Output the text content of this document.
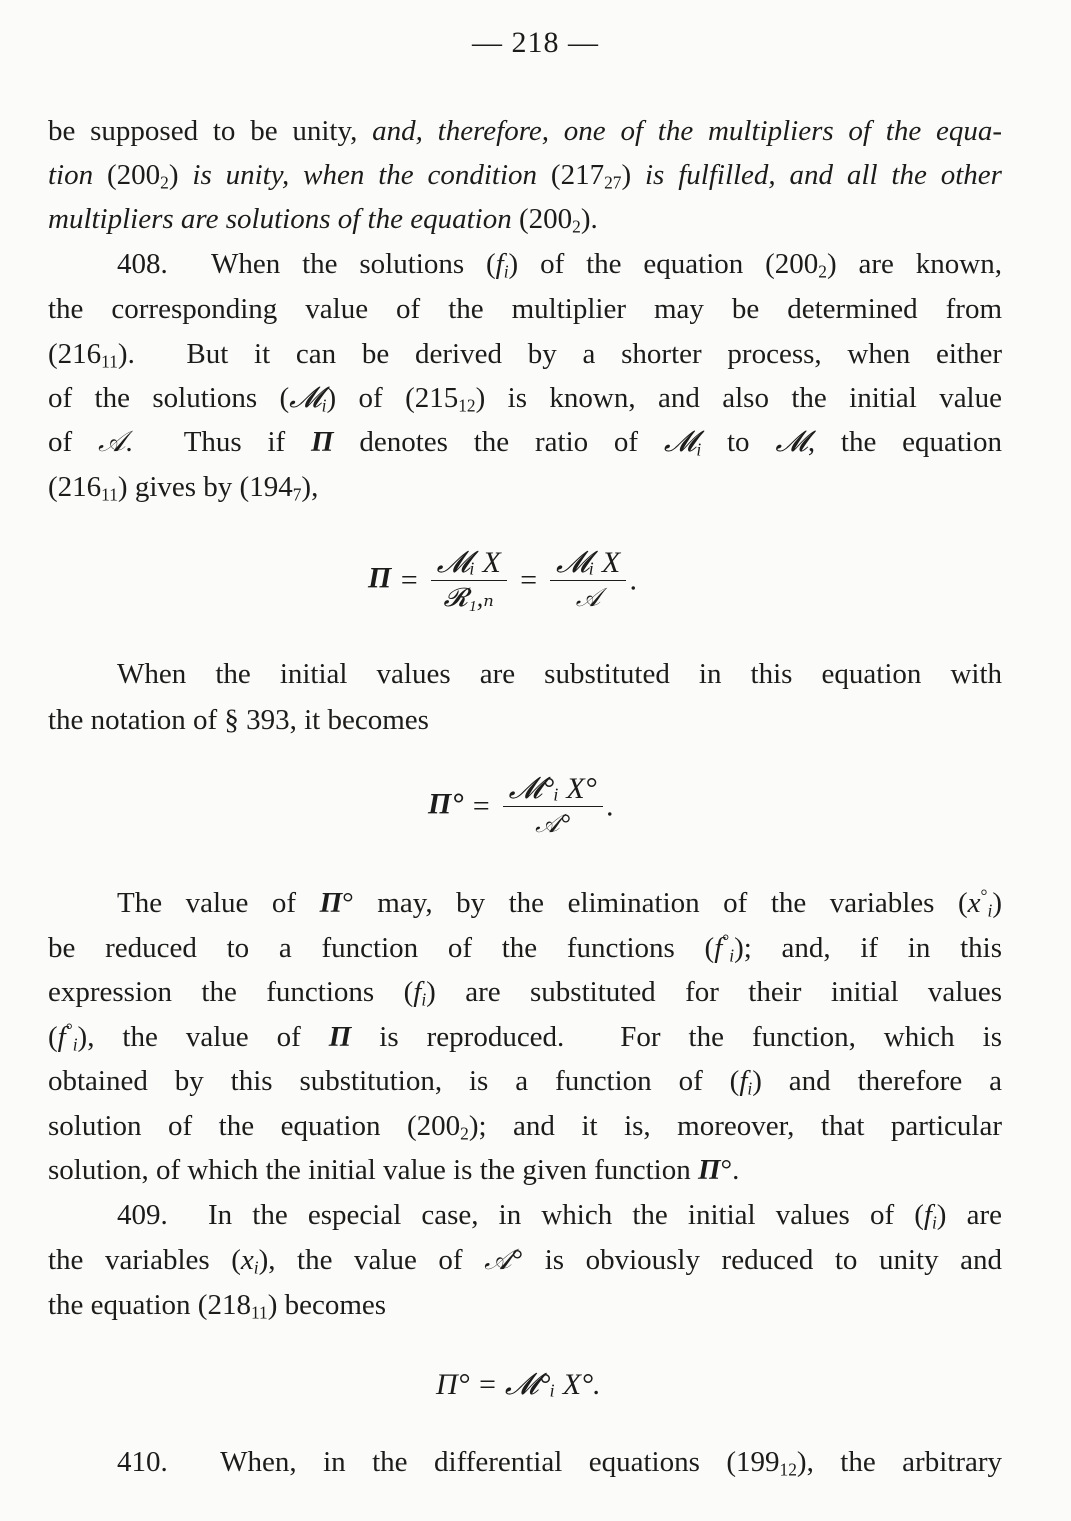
— 218 —
be supposed to be unity, and, therefore, one of the multipliers of the equa-
tion $(200_2)$ is unity, when the condition $(217_{27})$ is fulfilled, and all the other
multipliers are solutions of the equation $(200_2)$.
408.  When the solutions $(f_i)$ of the equation $(200_2)$ are known,
the corresponding value of the multiplier may be determined from
$(216_{11})$.  But it can be derived by a shorter process, when either
of the solutions (𝓜$_i$) of $(215_{12})$ is known, and also the initial value
of 𝒜.  Thus if Π denotes the ratio of 𝓜$_i$ to 𝓜, the equation
$(216_{11})$ gives by $(194_7)$,
When the initial values are substituted in this equation with
the notation of § 393, it becomes
The value of Π° may, by the elimination of the variables $(x^\circ_i)$
be reduced to a function of the functions $(f^\circ_i)$; and, if in this
expression the functions $(f_i)$ are substituted for their initial values
$(f^\circ_i)$, the value of Π is reproduced.  For the function, which is
obtained by this substitution, is a function of $(f_i)$ and therefore a
solution of the equation $(200_2)$; and it is, moreover, that particular
solution, of which the initial value is the given function Π°.
409.  In the especial case, in which the initial values of $(f_i)$ are
the variables $(x_i)$, the value of 𝒜° is obviously reduced to unity and
the equation $(218_{11})$ becomes
410.  When, in the differential equations $(199_{12})$, the arbitrary
$\Pi = \frac{\text{𝓜ᵢ X}}{\text{𝓡₁,ₙ}} = \frac{\text{𝓜ᵢ X}}{\text{𝒜}}$ .
$\Pi^\circ = \frac{\text{𝓜°ᵢ X°}}{\text{𝒜°}}$ .
Π° = 𝓜°ᵢ X°.
